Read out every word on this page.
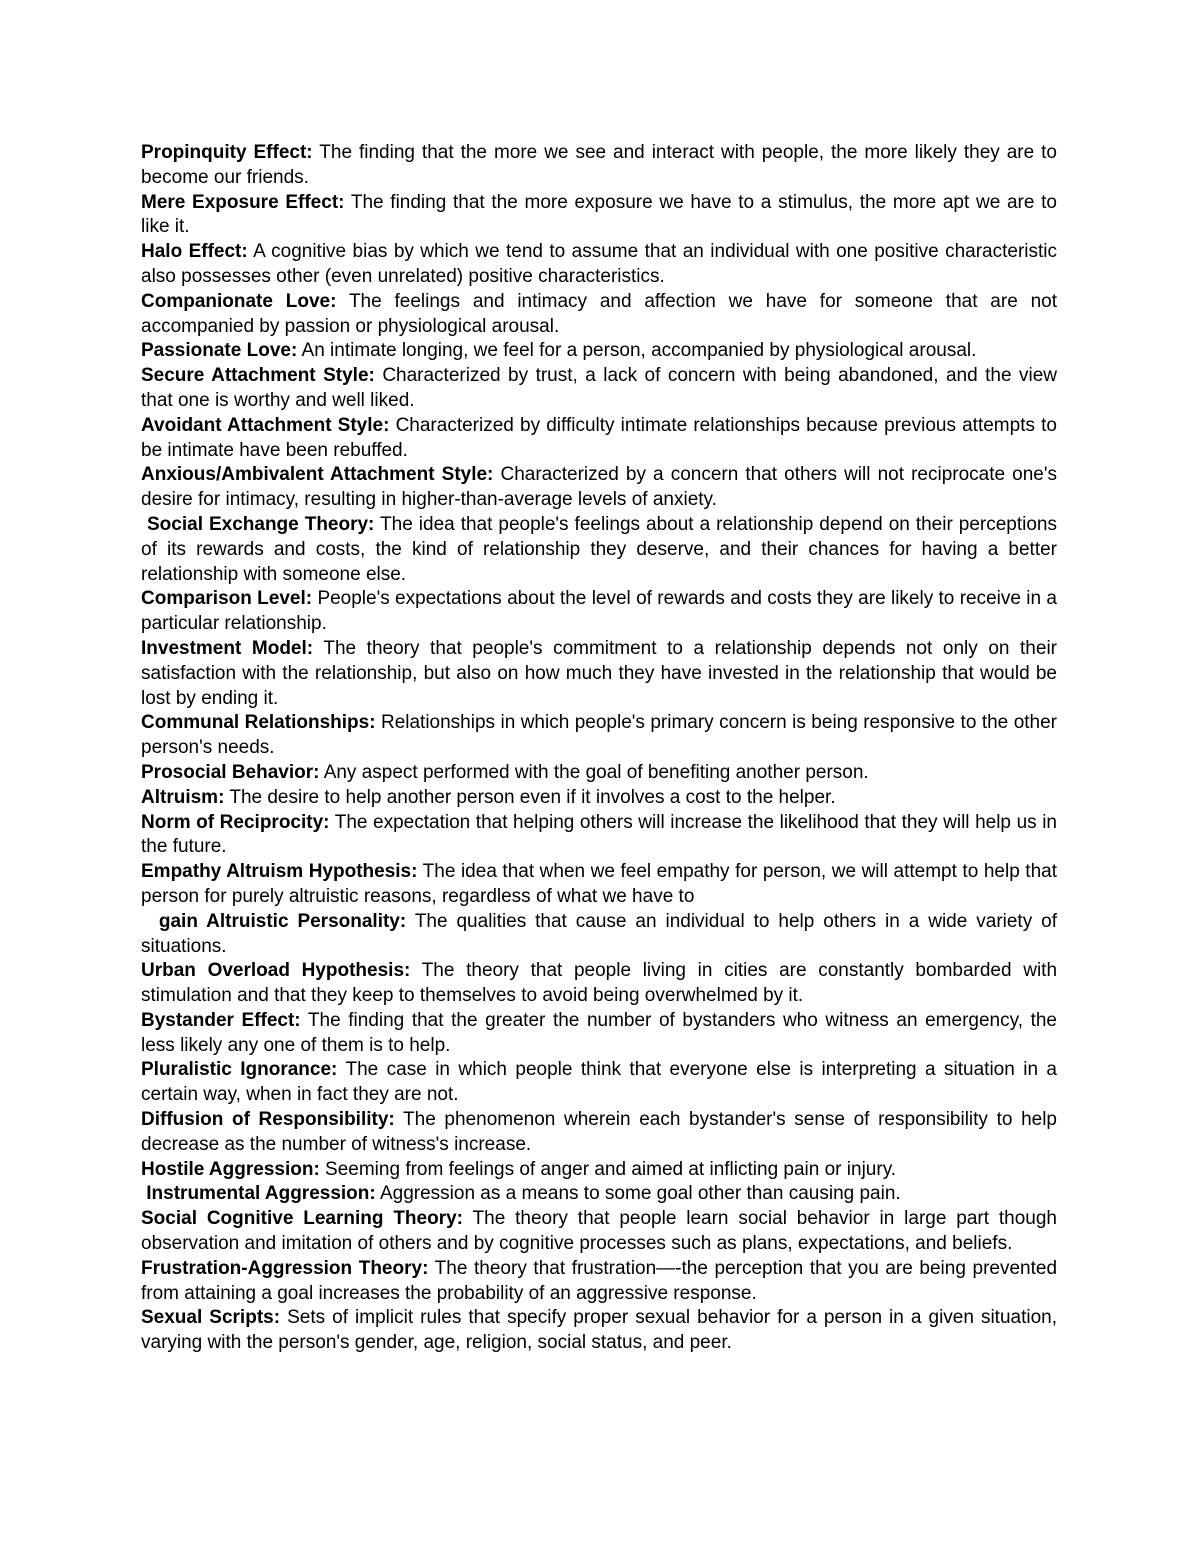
Propinquity Effect: The finding that the more we see and interact with people, the more likely they are to become our friends.

Mere Exposure Effect: The finding that the more exposure we have to a stimulus, the more apt we are to like it.

Halo Effect: A cognitive bias by which we tend to assume that an individual with one positive characteristic also possesses other (even unrelated) positive characteristics.

Companionate Love: The feelings and intimacy and affection we have for someone that are not accompanied by passion or physiological arousal.

Passionate Love: An intimate longing, we feel for a person, accompanied by physiological arousal.

Secure Attachment Style: Characterized by trust, a lack of concern with being abandoned, and the view that one is worthy and well liked.

Avoidant Attachment Style: Characterized by difficulty intimate relationships because previous attempts to be intimate have been rebuffed.

Anxious/Ambivalent Attachment Style: Characterized by a concern that others will not reciprocate one's desire for intimacy, resulting in higher-than-average levels of anxiety.

Social Exchange Theory: The idea that people's feelings about a relationship depend on their perceptions of its rewards and costs, the kind of relationship they deserve, and their chances for having a better relationship with someone else.

Comparison Level: People's expectations about the level of rewards and costs they are likely to receive in a particular relationship.

Investment Model: The theory that people's commitment to a relationship depends not only on their satisfaction with the relationship, but also on how much they have invested in the relationship that would be lost by ending it.

Communal Relationships: Relationships in which people's primary concern is being responsive to the other person's needs.

Prosocial Behavior: Any aspect performed with the goal of benefiting another person.

Altruism: The desire to help another person even if it involves a cost to the helper.

Norm of Reciprocity: The expectation that helping others will increase the likelihood that they will help us in the future.

Empathy Altruism Hypothesis: The idea that when we feel empathy for person, we will attempt to help that person for purely altruistic reasons, regardless of what we have to

gain Altruistic Personality: The qualities that cause an individual to help others in a wide variety of situations.

Urban Overload Hypothesis: The theory that people living in cities are constantly bombarded with stimulation and that they keep to themselves to avoid being overwhelmed by it.

Bystander Effect: The finding that the greater the number of bystanders who witness an emergency, the less likely any one of them is to help.

Pluralistic Ignorance: The case in which people think that everyone else is interpreting a situation in a certain way, when in fact they are not.

Diffusion of Responsibility: The phenomenon wherein each bystander's sense of responsibility to help decrease as the number of witness's increase.

Hostile Aggression: Seeming from feelings of anger and aimed at inflicting pain or injury.

Instrumental Aggression: Aggression as a means to some goal other than causing pain.

Social Cognitive Learning Theory: The theory that people learn social behavior in large part though observation and imitation of others and by cognitive processes such as plans, expectations, and beliefs.

Frustration-Aggression Theory: The theory that frustration—-the perception that you are being prevented from attaining a goal increases the probability of an aggressive response.

Sexual Scripts: Sets of implicit rules that specify proper sexual behavior for a person in a given situation, varying with the person's gender, age, religion, social status, and peer.
